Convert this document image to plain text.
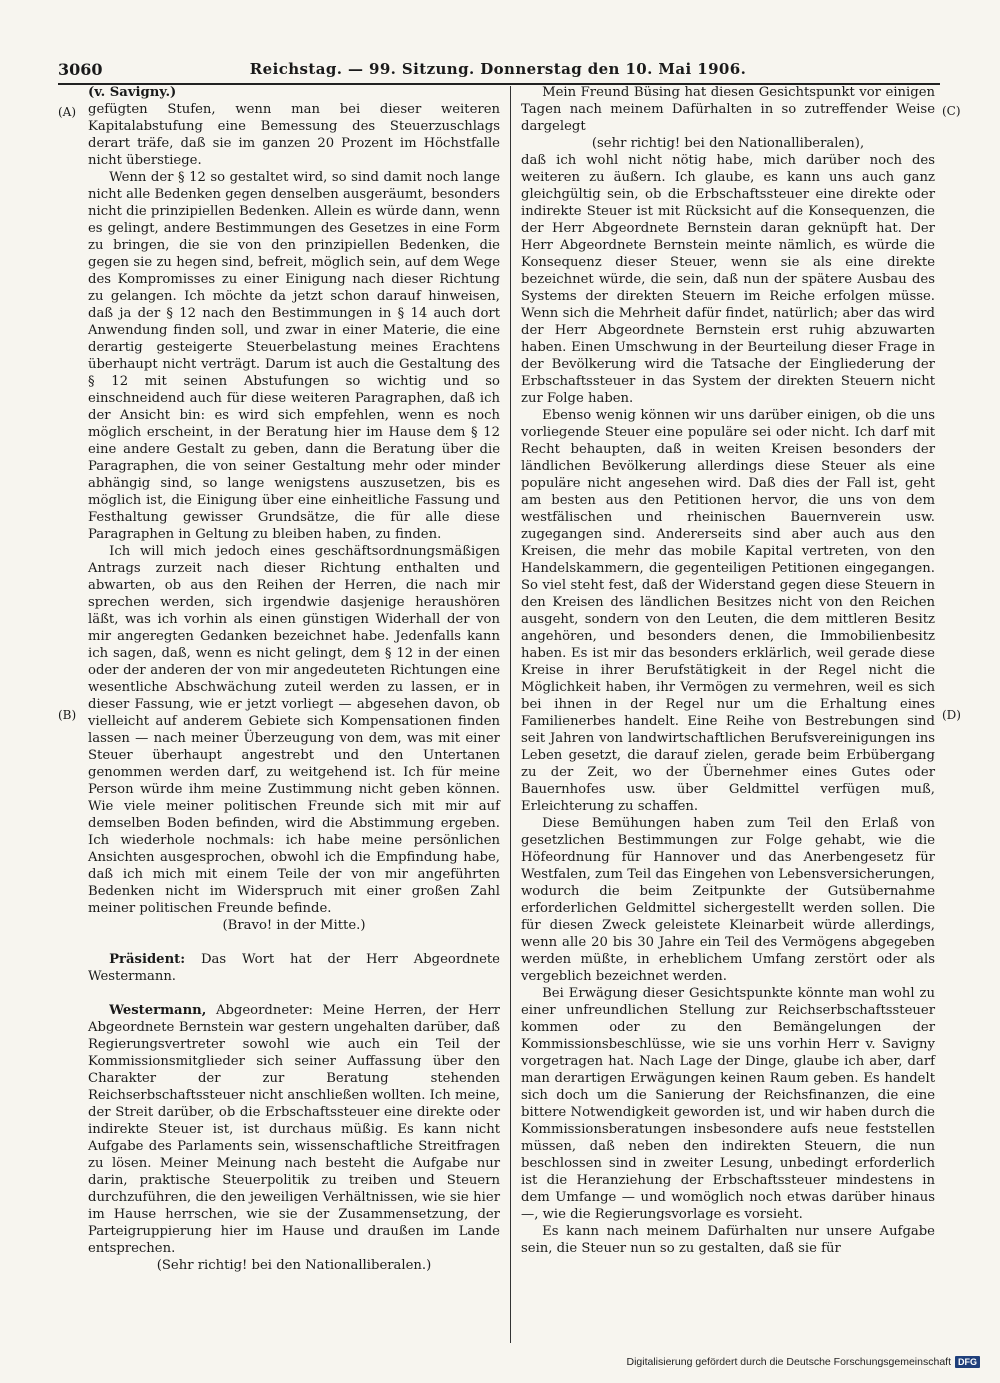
3060	Reichstag. — 99. Sitzung. Donnerstag den 10. Mai 1906.
(A)
(B)
(C)
(D)

(v. Savigny.)

gefügten Stufen, wenn man bei dieser weiteren Kapitalabstufung eine Bemessung des Steuerzuschlags derart träfe, daß sie im ganzen 20 Prozent im Höchstfalle nicht überstiege.

Wenn der § 12 so gestaltet wird, so sind damit noch lange nicht alle Bedenken gegen denselben ausgeräumt, besonders nicht die prinzipiellen Bedenken. Allein es würde dann, wenn es gelingt, andere Bestimmungen des Gesetzes in eine Form zu bringen, die sie von den prinzipiellen Bedenken, die gegen sie zu hegen sind, befreit, möglich sein, auf dem Wege des Kompromisses zu einer Einigung nach dieser Richtung zu gelangen. Ich möchte da jetzt schon darauf hinweisen, daß ja der § 12 nach den Bestimmungen in § 14 auch dort Anwendung finden soll, und zwar in einer Materie, die eine derartig gesteigerte Steuerbelastung meines Erachtens überhaupt nicht verträgt. Darum ist auch die Gestaltung des § 12 mit seinen Abstufungen so wichtig und so einschneidend auch für diese weiteren Paragraphen, daß ich der Ansicht bin: es wird sich empfehlen, wenn es noch möglich erscheint, in der Beratung hier im Hause dem § 12 eine andere Gestalt zu geben, dann die Beratung über die Paragraphen, die von seiner Gestaltung mehr oder minder abhängig sind, so lange wenigstens auszusetzen, bis es möglich ist, die Einigung über eine einheitliche Fassung und Festhaltung gewisser Grundsätze, die für alle diese Paragraphen in Geltung zu bleiben haben, zu finden.

Ich will mich jedoch eines geschäftsordnungsmäßigen Antrags zurzeit nach dieser Richtung enthalten und abwarten, ob aus den Reihen der Herren, die nach mir sprechen werden, sich irgendwie dasjenige heraushören läßt, was ich vorhin als einen günstigen Widerhall der von mir angeregten Gedanken bezeichnet habe. Jedenfalls kann ich sagen, daß, wenn es nicht gelingt, dem § 12 in der einen oder der anderen der von mir angedeuteten Richtungen eine wesentliche Abschwächung zuteil werden zu lassen, er in dieser Fassung, wie er jetzt vorliegt — abgesehen davon, ob vielleicht auf anderem Gebiete sich Kompensationen finden lassen — nach meiner Überzeugung von dem, was mit einer Steuer überhaupt angestrebt und den Untertanen genommen werden darf, zu weitgehend ist. Ich für meine Person würde ihm meine Zustimmung nicht geben können. Wie viele meiner politischen Freunde sich mit mir auf demselben Boden befinden, wird die Abstimmung ergeben. Ich wiederhole nochmals: ich habe meine persönlichen Ansichten ausgesprochen, obwohl ich die Empfindung habe, daß ich mich mit einem Teile der von mir angeführten Bedenken nicht im Widerspruch mit einer großen Zahl meiner politischen Freunde befinde.

(Bravo! in der Mitte.)

Präsident: Das Wort hat der Herr Abgeordnete Westermann.

Westermann, Abgeordneter: Meine Herren, der Herr Abgeordnete Bernstein war gestern ungehalten darüber, daß Regierungsvertreter sowohl wie auch ein Teil der Kommissionsmitglieder sich seiner Auffassung über den Charakter der zur Beratung stehenden Reichserbschaftssteuer nicht anschließen wollten. Ich meine, der Streit darüber, ob die Erbschaftssteuer eine direkte oder indirekte Steuer ist, ist durchaus müßig. Es kann nicht Aufgabe des Parlaments sein, wissenschaftliche Streitfragen zu lösen. Meiner Meinung nach besteht die Aufgabe nur darin, praktische Steuerpolitik zu treiben und Steuern durchzuführen, die den jeweiligen Verhältnissen, wie sie hier im Hause herrschen, wie sie der Zusammensetzung, der Parteigruppierung hier im Hause und draußen im Lande entsprechen.

(Sehr richtig! bei den Nationalliberalen.)

Mein Freund Büsing hat diesen Gesichtspunkt vor einigen Tagen nach meinem Dafürhalten in so zutreffender Weise dargelegt

(sehr richtig! bei den Nationalliberalen),

daß ich wohl nicht nötig habe, mich darüber noch des weiteren zu äußern. Ich glaube, es kann uns auch ganz gleichgültig sein, ob die Erbschaftssteuer eine direkte oder indirekte Steuer ist mit Rücksicht auf die Konsequenzen, die der Herr Abgeordnete Bernstein daran geknüpft hat. Der Herr Abgeordnete Bernstein meinte nämlich, es würde die Konsequenz dieser Steuer, wenn sie als eine direkte bezeichnet würde, die sein, daß nun der spätere Ausbau des Systems der direkten Steuern im Reiche erfolgen müsse. Wenn sich die Mehrheit dafür findet, natürlich; aber das wird der Herr Abgeordnete Bernstein erst ruhig abzuwarten haben. Einen Umschwung in der Beurteilung dieser Frage in der Bevölkerung wird die Tatsache der Eingliederung der Erbschaftssteuer in das System der direkten Steuern nicht zur Folge haben.

Ebenso wenig können wir uns darüber einigen, ob die uns vorliegende Steuer eine populäre sei oder nicht. Ich darf mit Recht behaupten, daß in weiten Kreisen besonders der ländlichen Bevölkerung allerdings diese Steuer als eine populäre nicht angesehen wird. Daß dies der Fall ist, geht am besten aus den Petitionen hervor, die uns von dem westfälischen und rheinischen Bauernverein usw. zugegangen sind. Andererseits sind aber auch aus den Kreisen, die mehr das mobile Kapital vertreten, von den Handelskammern, die gegenteiligen Petitionen eingegangen. So viel steht fest, daß der Widerstand gegen diese Steuern in den Kreisen des ländlichen Besitzes nicht von den Reichen ausgeht, sondern von den Leuten, die dem mittleren Besitz angehören, und besonders denen, die Immobilienbesitz haben. Es ist mir das besonders erklärlich, weil gerade diese Kreise in ihrer Berufstätigkeit in der Regel nicht die Möglichkeit haben, ihr Vermögen zu vermehren, weil es sich bei ihnen in der Regel nur um die Erhaltung eines Familienerbes handelt. Eine Reihe von Bestrebungen sind seit Jahren von landwirtschaftlichen Berufsvereinigungen ins Leben gesetzt, die darauf zielen, gerade beim Erbübergang zu der Zeit, wo der Übernehmer eines Gutes oder Bauernhofes usw. über Geldmittel verfügen muß, Erleichterung zu schaffen.

Diese Bemühungen haben zum Teil den Erlaß von gesetzlichen Bestimmungen zur Folge gehabt, wie die Höfeordnung für Hannover und das Anerbengesetz für Westfalen, zum Teil das Eingehen von Lebensversicherungen, wodurch die beim Zeitpunkte der Gutsübernahme erforderlichen Geldmittel sichergestellt werden sollen. Die für diesen Zweck geleistete Kleinarbeit würde allerdings, wenn alle 20 bis 30 Jahre ein Teil des Vermögens abgegeben werden müßte, in erheblichem Umfang zerstört oder als vergeblich bezeichnet werden.

Bei Erwägung dieser Gesichtspunkte könnte man wohl zu einer unfreundlichen Stellung zur Reichserbschaftssteuer kommen oder zu den Bemängelungen der Kommissionsbeschlüsse, wie sie uns vorhin Herr v. Savigny vorgetragen hat. Nach Lage der Dinge, glaube ich aber, darf man derartigen Erwägungen keinen Raum geben. Es handelt sich doch um die Sanierung der Reichsfinanzen, die eine bittere Notwendigkeit geworden ist, und wir haben durch die Kommissionsberatungen insbesondere aufs neue feststellen müssen, daß neben den indirekten Steuern, die nun beschlossen sind in zweiter Lesung, unbedingt erforderlich ist die Heranziehung der Erbschaftssteuer mindestens in dem Umfange — und womöglich noch etwas darüber hinaus —, wie die Regierungsvorlage es vorsieht.

Es kann nach meinem Dafürhalten nur unsere Aufgabe sein, die Steuer nun so zu gestalten, daß sie für

Digitalisierung gefördert durch die Deutsche Forschungsgemeinschaft DFG
